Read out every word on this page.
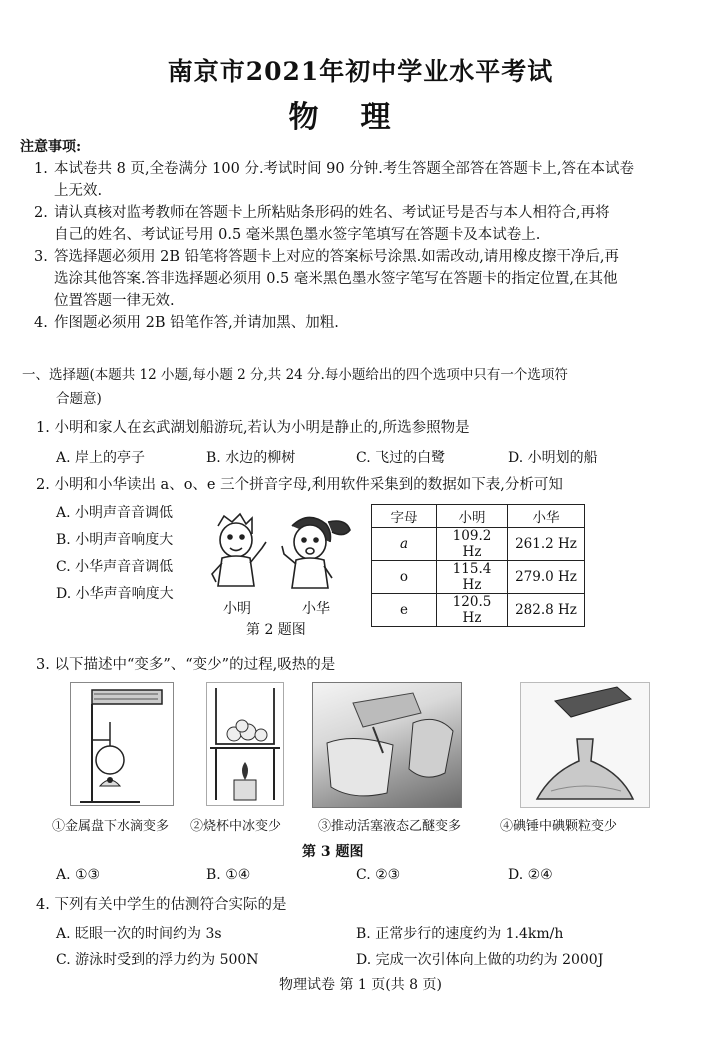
南京市2021年初中学业水平考试
物理
注意事项:
1. 本试卷共 8 页,全卷满分 100 分.考试时间 90 分钟.考生答题全部答在答题卡上,答在本试卷
上无效.
2. 请认真核对监考教师在答题卡上所粘贴条形码的姓名、考试证号是否与本人相符合,再将
自己的姓名、考试证号用 0.5 毫米黑色墨水签字笔填写在答题卡及本试卷上.
3. 答选择题必须用 2B 铅笔将答题卡上对应的答案标号涂黑.如需改动,请用橡皮擦干净后,再
选涂其他答案.答非选择题必须用 0.5 毫米黑色墨水签字笔写在答题卡的指定位置,在其他
位置答题一律无效.
4. 作图题必须用 2B 铅笔作答,并请加黑、加粗.
一、选择题(本题共 12 小题,每小题 2 分,共 24 分.每小题给出的四个选项中只有一个选项符
合题意)
1. 小明和家人在玄武湖划船游玩,若认为小明是静止的,所选参照物是
A. 岸上的亭子	B. 水边的柳树	C. 飞过的白鹭	D. 小明划的船
2. 小明和小华读出 a、o、e 三个拼音字母,利用软件采集到的数据如下表,分析可知
A. 小明声音音调低
B. 小明声音响度大
C. 小华声音音调低
D. 小华声音响度大
小明	小华
第 2 题图
字母	小明	小华
a	109.2 Hz	261.2 Hz
o	115.4 Hz	279.0 Hz
e	120.5 Hz	282.8 Hz
3. 以下描述中“变多”、“变少”的过程,吸热的是
①金属盘下水滴变多 ②烧杯中冰变少	③推动活塞液态乙醚变多	④碘锤中碘颗粒变少
第 3 题图
A. ①③	B. ①④	C. ②③	D. ②④
4. 下列有关中学生的估测符合实际的是
A. 眨眼一次的时间约为 3s	B. 正常步行的速度约为 1.4km/h
C. 游泳时受到的浮力约为 500N	D. 完成一次引体向上做的功约为 2000J
物理试卷 第 1 页(共 8 页)
